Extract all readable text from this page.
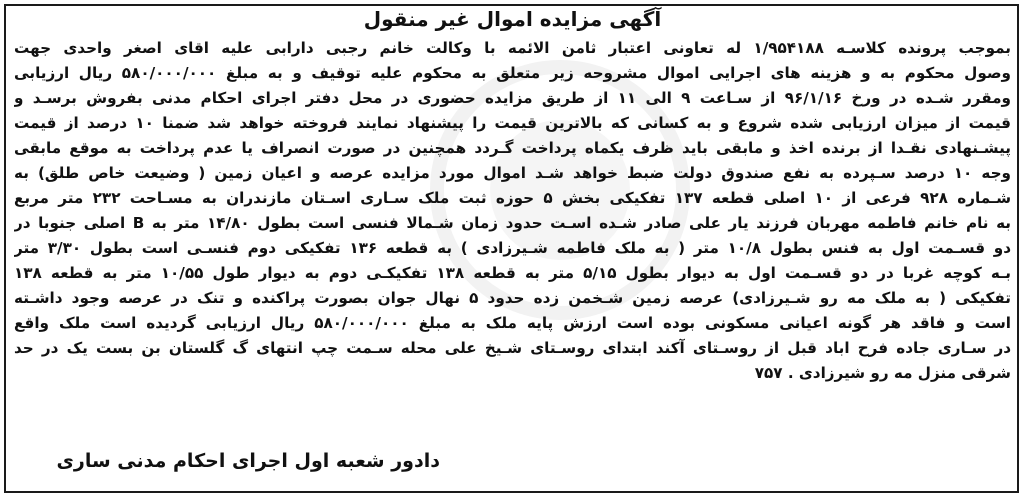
آگهی مزایده اموال غیر منقول
بموجب پرونده کلاسـه ۱/۹۵۴۱۸۸ له تعاونی اعتبار ثامن الائمه با وکالت خانم رجبی دارابی علیه اقای اصغر واحدی جهت
وصول محکوم به و هزینه های اجرایی اموال مشروحه زیر متعلق به محکوم علیه توقیف و به مبلغ ۵۸۰/۰۰۰/۰۰۰ ریال ارزیابی
ومقرر شـده در ورخ ۹۶/۱/۱۶ از سـاعت ۹ الی ۱۱ از طریق مزایده حضوری در محل دفتر اجرای احکام مدنی بفروش برسـد و
قیمت از میزان ارزیابی شده شروع و به کسانی که بالاترین قیمت را پیشنهاد نمایند فروخته خواهد شد ضمنا ۱۰ درصد از قیمت
پیشـنهادی نقـدا از برنده اخذ و مابقی باید ظرف یکماه پرداخت گـردد همچنین در صورت انصراف یا عدم پرداخت به موقع مابقی
وجه ۱۰ درصد سـپرده به نفع صندوق دولت ضبط خواهد شـد اموال مورد مزایده عرصه و اعیان زمین ( وضیعت خاص طلق) به
شـماره ۹۲۸ فرعی از ۱۰ اصلی قطعه ۱۳۷ تفکیکی بخش ۵ حوزه ثبت ملک سـاری اسـتان مازندران به مسـاحت ۲۳۲ متر مربع
به نام خانم فاطمه مهربان فرزند یار علی صادر شـده اسـت حدود زمان شـمالا فنسی است بطول ۱۴/۸۰ متر به B اصلی جنوبا در
دو قسـمت اول به فنس بطول ۱۰/۸ متر ( به ملک فاطمه شـیرزادی ) به قطعه ۱۳۶ تفکیکی دوم فنسـی است بطول ۳/۳۰ متر
بـه کوچه غربا در دو قسـمت اول به دیوار بطول ۵/۱۵ متر به قطعه ۱۳۸ تفکیکـی دوم به دیوار طول ۱۰/۵۵ متر به قطعه ۱۳۸
تفکیکی ( به ملک مه رو شـیرزادی) عرصه زمین شـخمن زده حدود ۵ نهال جوان بصورت پراکنده و تنک در عرصه وجود داشـته
است و فاقد هر گونه اعیانی مسکونی بوده است ارزش پایه ملک به مبلغ ۵۸۰/۰۰۰/۰۰۰ ریال ارزیابی گردیده است ملک واقع
در سـاری جاده فرح اباد قبل از روسـتای آکند ابتدای روسـتای شـیخ علی محله سـمت چپ انتهای گ گلستان بن بست یک در حد
شرقی منزل مه رو شیرزادی . ۷۵۷
دادور شعبه اول اجرای احکام مدنی ساری
